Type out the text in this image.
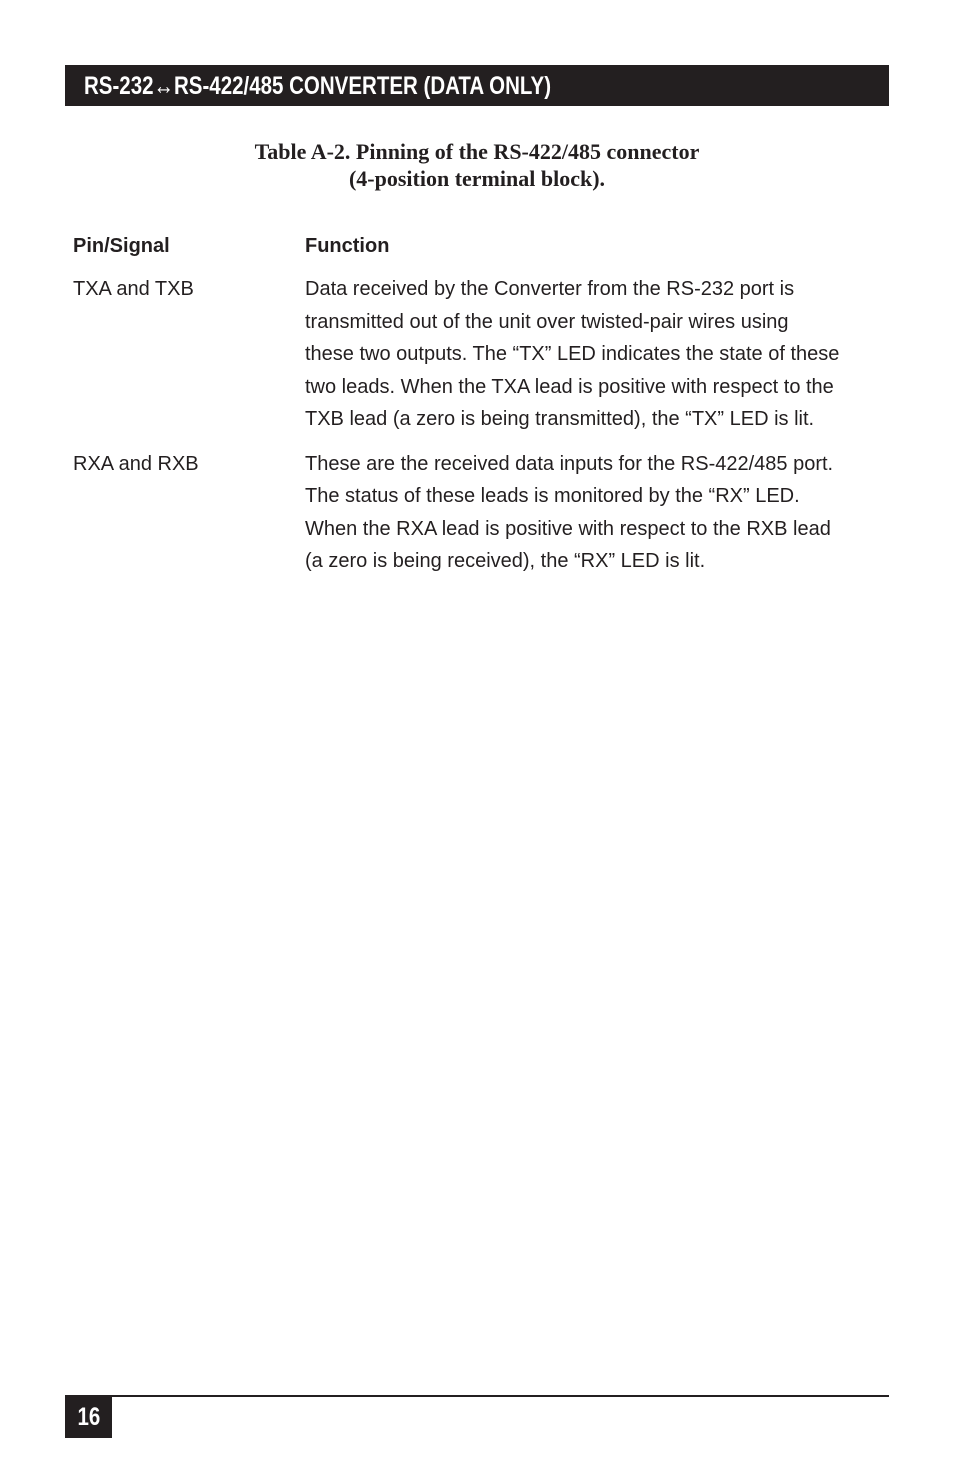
RS-232↔RS-422/485 CONVERTER (DATA ONLY)
Table A-2. Pinning of the RS-422/485 connector
(4-position terminal block).
Pin/Signal	Function
TXA and TXB	Data received by the Converter from the RS-232 port is
transmitted out of the unit over twisted-pair wires using
these two outputs. The “TX” LED indicates the state of these
two leads. When the TXA lead is positive with respect to the
TXB lead (a zero is being transmitted), the “TX” LED is lit.
RXA and RXB	These are the received data inputs for the RS-422/485 port.
The status of these leads is monitored by the “RX” LED.
When the RXA lead is positive with respect to the RXB lead
(a zero is being received), the “RX” LED is lit.
16
